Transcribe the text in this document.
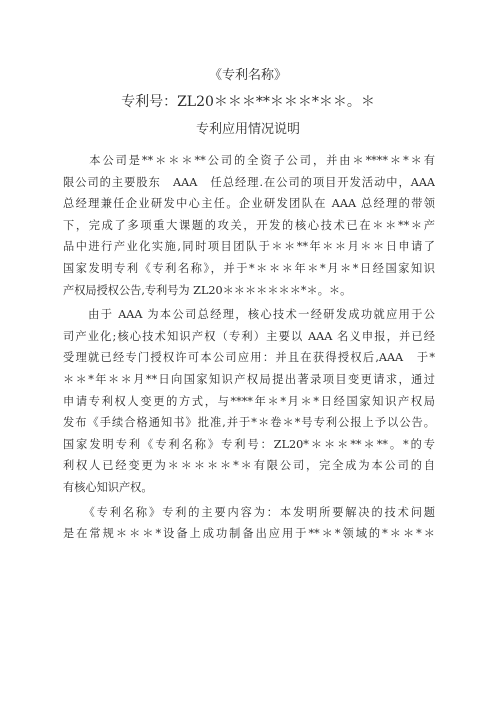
《专利名称》

专利号：ZL20＊＊＊**＊＊＊*＊＊。＊

专利应用情况说明

　　本公司是**＊＊＊**公司的全资子公司，并由＊****＊*＊有
限公司的主要股东　AAA　任总经理.在公司的项目开发活动中，AAA
总经理兼任企业研发中心主任。企业研发团队在 AAA 总经理的带领
下，完成了多项重大课题的攻关，开发的核心技术已在＊＊**＊产
品中进行产业化实施,同时项目团队于＊＊**年＊＊月＊＊日申请了
国家发明专利《专利名称》，并于*＊＊＊年＊*月＊*日经国家知识
产权局授权公告,专利号为 ZL20＊＊＊＊＊＊＊*＊。＊。
　　由于 AAA 为本公司总经理，核心技术一经研发成功就应用于公
司产业化;核心技术知识产权（专利）主要以 AAA 名义申报，并已经
受理就已经专门授权许可本公司应用：并且在获得授权后,AAA　于*
＊＊*年＊＊月**日向国家知识产权局提出著录项目变更请求，通过
申请专利权人变更的方式，与****年＊*月＊*日经国家知识产权局
发布《手续合格通知书》批准,并于*＊卷＊*号专利公报上予以公告。
国家发明专利《专利名称》专利号：ZL20*＊＊＊**＊**。*的专
利权人已经变更为＊＊＊＊＊*＊有限公司，完全成为本公司的自
有核心知识产权。
　　《专利名称》专利的主要内容为：本发明所要解决的技术问题
是在常规＊＊＊*设备上成功制备出应用于**＊*领域的*＊＊*＊
